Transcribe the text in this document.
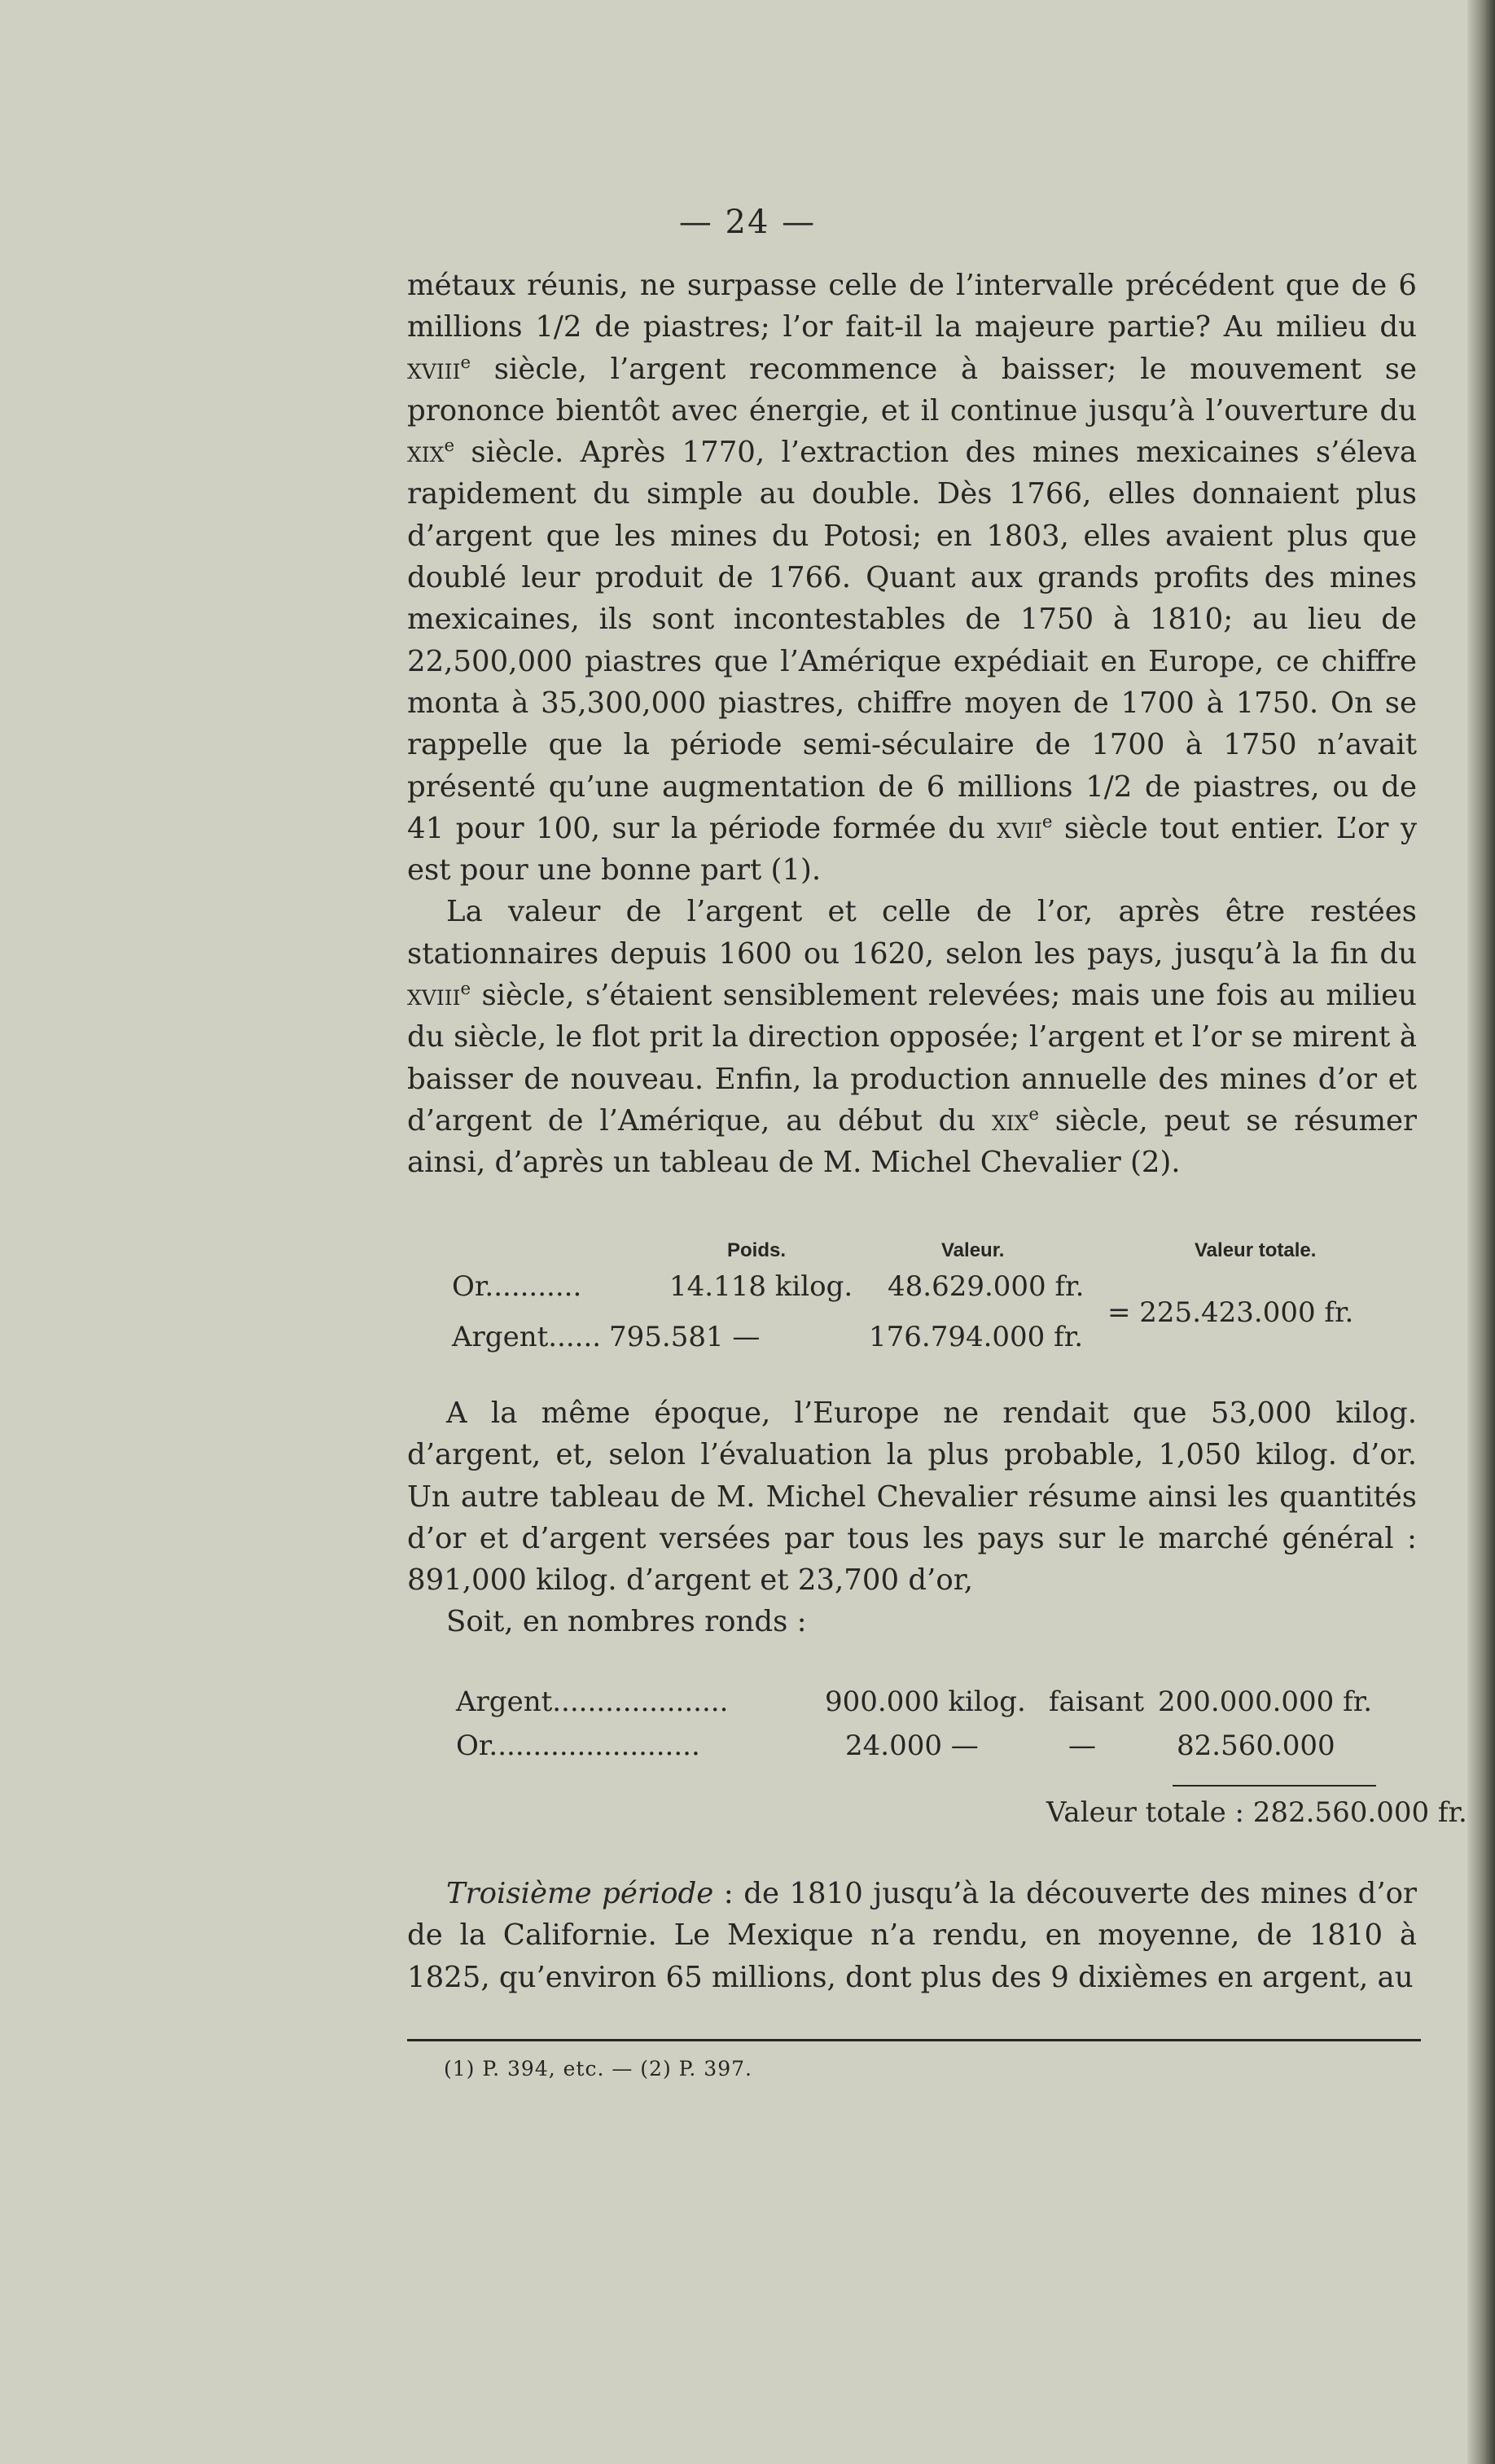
— 24 —

métaux réunis, ne surpasse celle de l’intervalle précédent que de 6 millions 1/2 de piastres; l’or fait-il la majeure partie? Au milieu du xviii$^e$ siècle, l’argent recommence à baisser; le mouvement se prononce bientôt avec énergie, et il continue jusqu’à l’ouverture du xix$^e$ siècle. Après 1770, l’extraction des mines mexicaines s’éleva rapidement du simple au double. Dès 1766, elles donnaient plus d’argent que les mines du Potosi; en 1803, elles avaient plus que doublé leur produit de 1766. Quant aux grands profits des mines mexicaines, ils sont incontestables de 1750 à 1810; au lieu de 22,500,000 piastres que l’Amérique expédiait en Europe, ce chiffre monta à 35,300,000 piastres, chiffre moyen de 1700 à 1750. On se rappelle que la période semi-séculaire de 1700 à 1750 n’avait présenté qu’une augmentation de 6 millions 1/2 de piastres, ou de 41 pour 100, sur la période formée du xvii$^e$ siècle tout entier. L’or y est pour une bonne part (1).

La valeur de l’argent et celle de l’or, après être restées stationnaires depuis 1600 ou 1620, selon les pays, jusqu’à la fin du xviii$^e$ siècle, s’étaient sensiblement relevées; mais une fois au milieu du siècle, le flot prit la direction opposée; l’argent et l’or se mirent à baisser de nouveau. Enfin, la production annuelle des mines d’or et d’argent de l’Amérique, au début du xix$^e$ siècle, peut se résumer ainsi, d’après un tableau de M. Michel Chevalier (2).

Poids.	Valeur.	Valeur totale.
Or...........	14.118 kilog. 48.629.000 fr.
Argent...... 795.581 —	176.794.000 fr.
= 225.423.000 fr.

A la même époque, l’Europe ne rendait que 53,000 kilog. d’argent, et, selon l’évaluation la plus probable, 1,050 kilog. d’or. Un autre tableau de M. Michel Chevalier résume ainsi les quantités d’or et d’argent versées par tous les pays sur le marché général : 891,000 kilog. d’argent et 23,700 d’or,

Soit, en nombres ronds :

Argent....................	900.000 kilog. faisant 200.000.000 fr.
Or........................	24.000 —	—	82.560.000
Valeur totale : 282.560.000 fr.

Troisième période : de 1810 jusqu’à la découverte des mines d’or de la Californie. Le Mexique n’a rendu, en moyenne, de 1810 à 1825, qu’environ 65 millions, dont plus des 9 dixièmes en argent, au

(1) P. 394, etc. — (2) P. 397.
